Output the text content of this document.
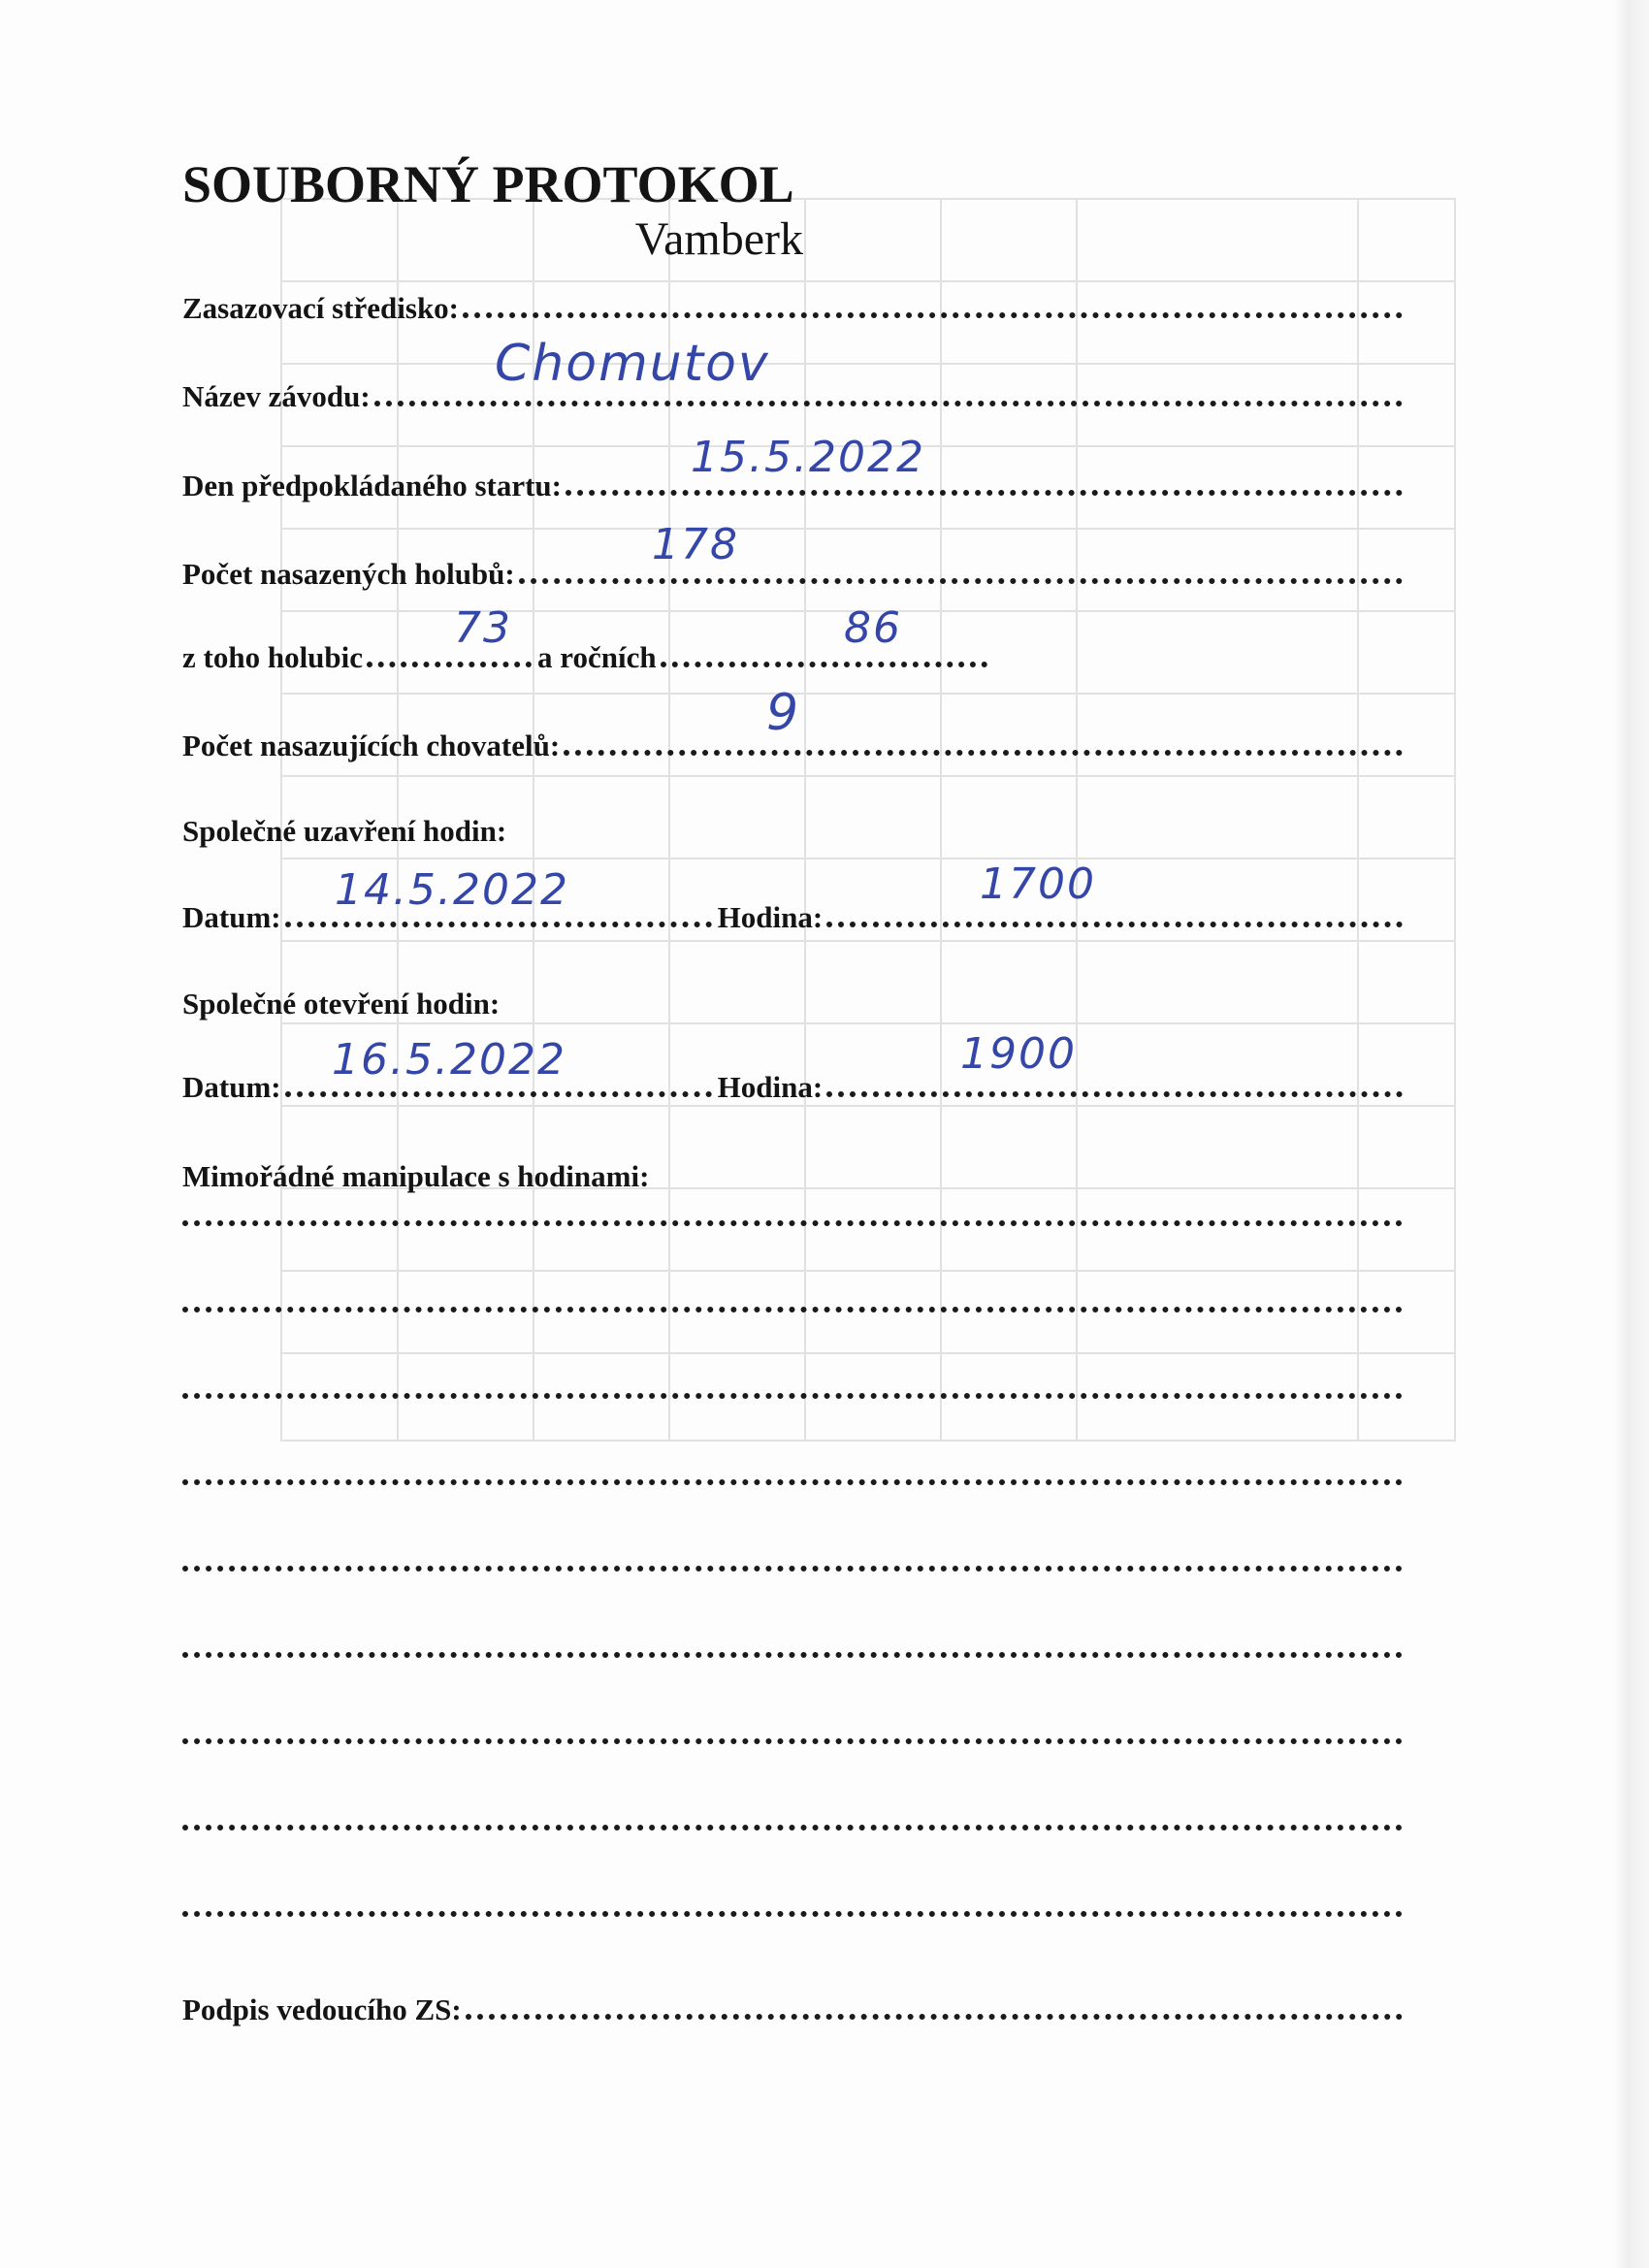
SOUBORNÝ PROTOKOL
Vamberk
Zasazovací středisko:
Název závodu:
Chomutov
Den předpokládaného startu:
15.5.2022
Počet nasazených holubů:
178
z toho holubic	a ročních
73	86
Počet nasazujících chovatelů:
9
Společné uzavření hodin:
Datum:	Hodina:
14.5.2022	1700
Společné otevření hodin:
Datum:	Hodina:
16.5.2022	1900
Mimořádné manipulace s hodinami:
Podpis vedoucího ZS:
